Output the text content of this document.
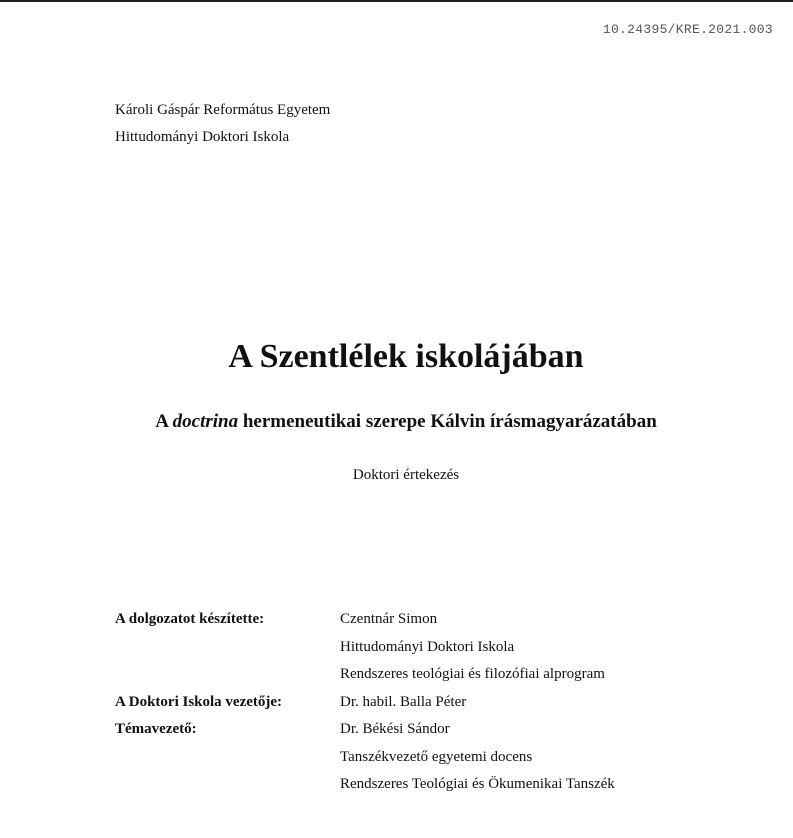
10.24395/KRE.2021.003
Károli Gáspár Református Egyetem
Hittudományi Doktori Iskola
A Szentlélek iskolájában
A doctrina hermeneutikai szerepe Kálvin írásmagyarázatában
Doktori értekezés
A dolgozatot készítette:	Czentnár Simon
Hittudományi Doktori Iskola
Rendszeres teológiai és filozófiai alprogram
A Doktori Iskola vezetője:	Dr. habil. Balla Péter
Témavezető:	Dr. Békési Sándor
Tanszékvezető egyetemi docens
Rendszeres Teológiai és Ökumenikai Tanszék
